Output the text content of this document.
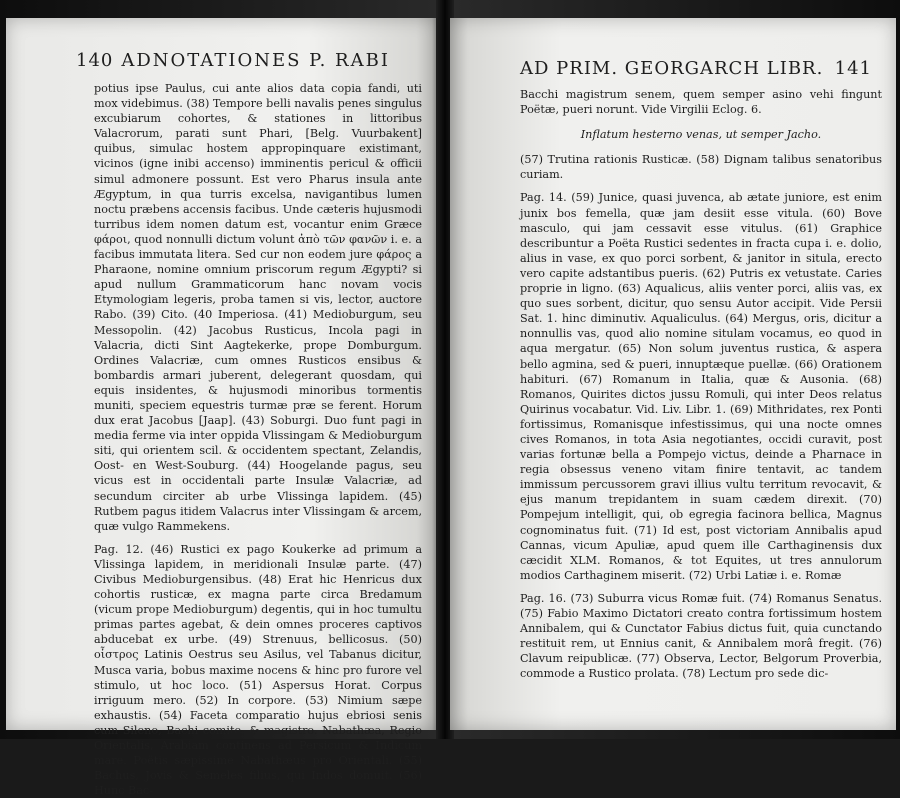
140 ADNOTATIONES P. RABI

potius ipse Paulus, cui ante alios data copia fandi, uti mox videbimus. (38) Tempore belli navalis penes singulus excubiarum cohortes, & stationes in littoribus Valacrorum, parati sunt Phari, [Belg. Vuurbakent] quibus, simulac hostem appropinquare existimant, vicinos (igne inibi accenso) imminentis pericul & officii simul admonere possunt. Est vero Pharus insula ante Ægyptum, in qua turris excelsa, navigantibus lumen noctu præbens accensis facibus. Unde cæteris hujusmodi turribus idem nomen datum est, vocantur enim Græce φάροι, quod nonnulli dictum volunt ἀπὸ τῶν φανῶν i. e. a facibus immutata litera. Sed cur non eodem jure φάρος a Pharaone, nomine omnium priscorum regum Ægypti? si apud nullum Grammaticorum hanc novam vocis Etymologiam legeris, proba tamen si vis, lector, auctore Rabo. (39) Cito. (40 Imperiosa. (41) Medioburgum, seu Messopolin. (42) Jacobus Rusticus, Incola pagi in Valacria, dicti Sint Aagtekerke, prope Domburgum. Ordines Valacriæ, cum omnes Rusticos ensibus & bombardis armari juberent, delegerant quosdam, qui equis insidentes, & hujusmodi minoribus tormentis muniti, speciem equestris turmæ præ se ferent. Horum dux erat Jacobus [Jaap]. (43) Soburgi. Duo funt pagi in media ferme via inter oppida Vlissingam & Medioburgum siti, qui orientem scil. & occidentem spectant, Zelandis, Oost- en West-Souburg. (44) Hoogelande pagus, seu vicus est in occidentali parte Insulæ Valacriæ, ad secundum circiter ab urbe Vlissinga lapidem. (45) Rutbem pagus itidem Valacrus inter Vlissingam & arcem, quæ vulgo Rammekens.

Pag. 12. (46) Rustici ex pago Koukerke ad primum a Vlissinga lapidem, in meridionali Insulæ parte. (47) Civibus Medioburgensibus. (48) Erat hic Henricus dux cohortis rusticæ, ex magna parte circa Bredamum (vicum prope Medioburgum) degentis, qui in hoc tumultu primas partes agebat, & dein omnes proceres captivos abducebat ex urbe. (49) Strenuus, bellicosus. (50) οἶστρος Latinis Oestrus seu Asilus, vel Tabanus dicitur, Musca varia, bobus maxime nocens & hinc pro furore vel stimulo, ut hoc loco. (51) Aspersus Horat. Corpus irriguum mero. (52) In corpore. (53) Nimium sæpe exhaustis. (54) Faceta comparatio hujus ebriosi senis cum Sileno, Bachi comite, & magistro. Nabathæa, Regio Orientalis, Arabiam continens ad Persicum & Indicum mare. Poëtis sæpissime Nabathæus pro Orientali. (55) Bachus, Jovis & Semeles filius, qui Indos domuit. (56) Hunc Bac-

AD PRIM. GEORGARCH LIBR. 141

Bacchi magistrum senem, quem semper asino vehi fingunt Poëtæ, pueri norunt. Vide Virgilii Eclog. 6.

Inflatum hesterno venas, ut semper Jacho.

(57) Trutina rationis Rusticæ. (58) Dignam talibus senatoribus curiam.

Pag. 14. (59) Junice, quasi juvenca, ab ætate juniore, est enim junix bos femella, quæ jam desiit esse vitula. (60) Bove masculo, qui jam cessavit esse vitulus. (61) Graphice describuntur a Poëta Rustici sedentes in fracta cupa i. e. dolio, alius in vase, ex quo porci sorbent, & janitor in situla, erecto vero capite adstantibus pueris. (62) Putris ex vetustate. Caries proprie in ligno. (63) Aqualicus, aliis venter porci, aliis vas, ex quo sues sorbent, dicitur, quo sensu Autor accipit. Vide Persii Sat. 1. hinc diminutiv. Aqualiculus. (64) Mergus, oris, dicitur a nonnullis vas, quod alio nomine situlam vocamus, eo quod in aqua mergatur. (65) Non solum juventus rustica, & aspera bello agmina, sed & pueri, innuptæque puellæ. (66) Orationem habituri. (67) Romanum in Italia, quæ & Ausonia. (68) Romanos, Quirites dictos jussu Romuli, qui inter Deos relatus Quirinus vocabatur. Vid. Liv. Libr. 1. (69) Mithridates, rex Ponti fortissimus, Romanisque infestissimus, qui una nocte omnes cives Romanos, in tota Asia negotiantes, occidi curavit, post varias fortunæ bella a Pompejo victus, deinde a Pharnace in regia obsessus veneno vitam finire tentavit, ac tandem immissum percussorem gravi illius vultu territum revocavit, & ejus manum trepidantem in suam cædem direxit. (70) Pompejum intelligit, qui, ob egregia facinora bellica, Magnus cognominatus fuit. (71) Id est, post victoriam Annibalis apud Cannas, vicum Apuliæ, apud quem ille Carthaginensis dux cæcidit XLM. Romanos, & tot Equites, ut tres annulorum modios Carthaginem miserit. (72) Urbi Latiæ i. e. Romæ

Pag. 16. (73) Suburra vicus Romæ fuit. (74) Romanus Senatus. (75) Fabio Maximo Dictatori creato contra fortissimum hostem Annibalem, qui & Cunctator Fabius dictus fuit, quia cunctando restituit rem, ut Ennius canit, & Annibalem morâ fregit. (76) Clavum reipublicæ. (77) Observa, Lector, Belgorum Proverbia, commode a Rustico prolata. (78) Lectum pro sede dic-
